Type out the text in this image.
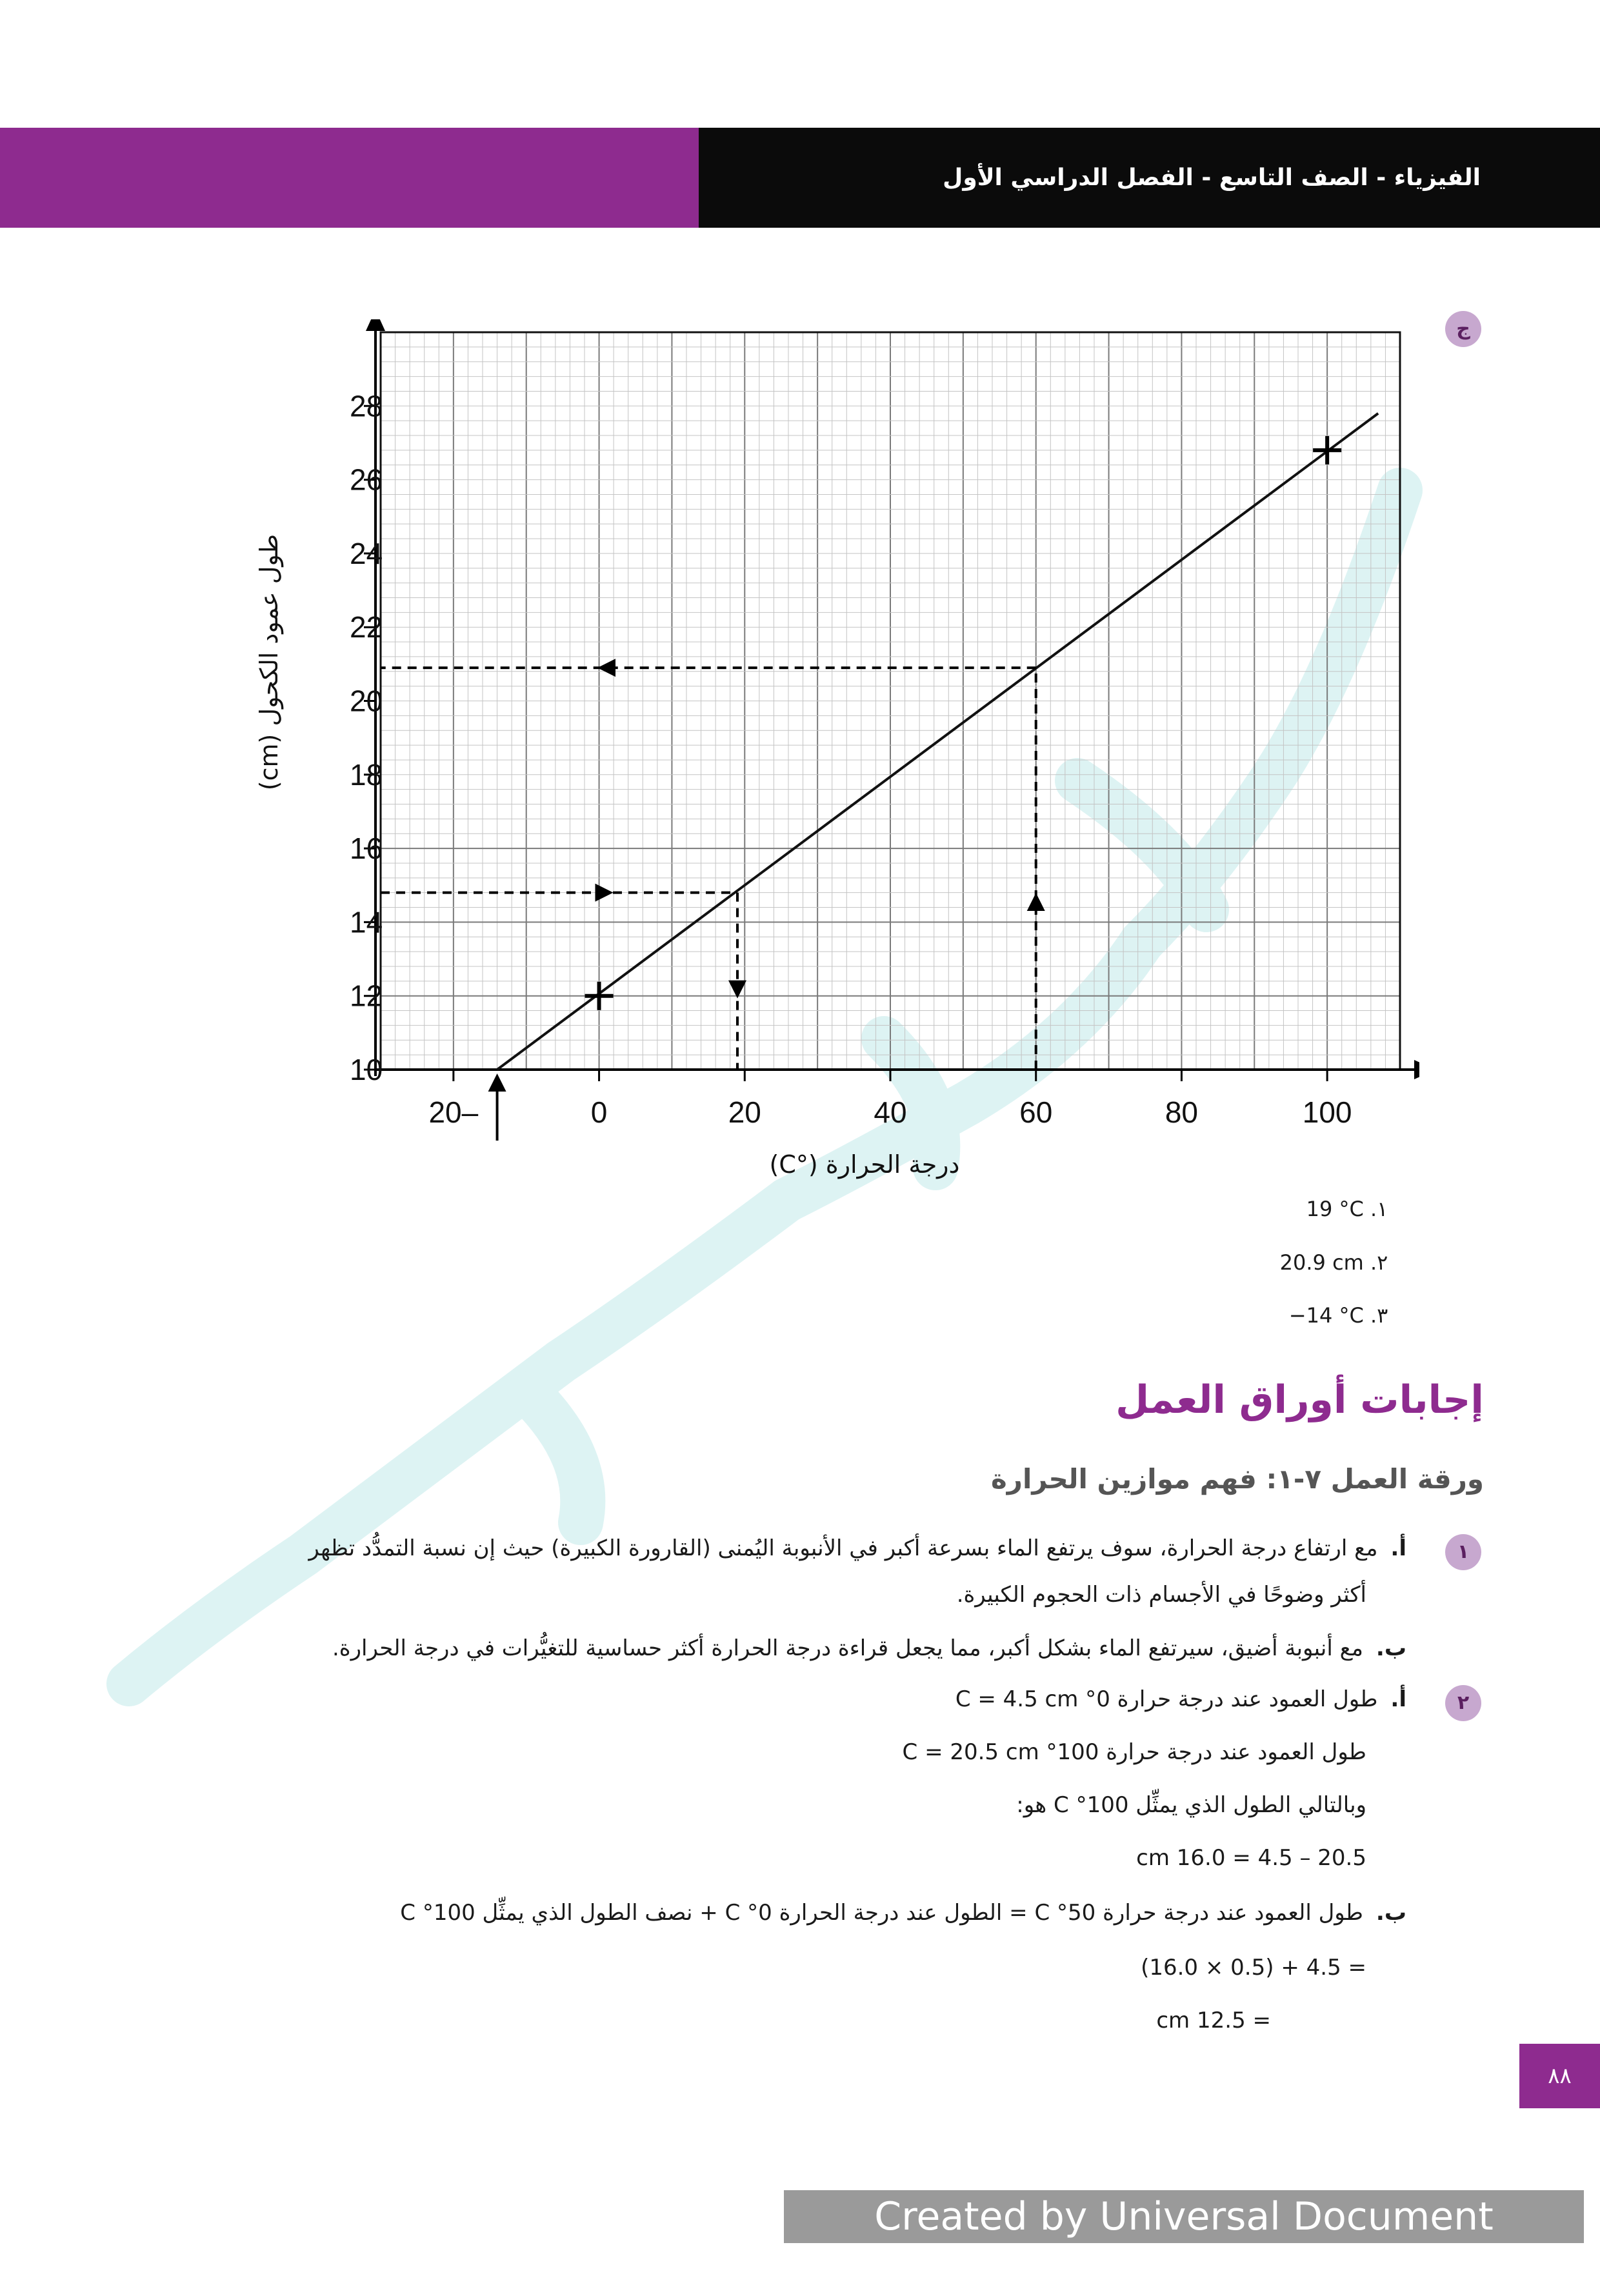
الفيزياء - الصف التاسع - الفصل الدراسي الأول
ج
–20	0	20	40	60	80	100
10
12
14
16
18
20
22
24
26
28
درجة الحرارة (°C)
طول عمود الكحول (cm)
١. 19 °C
٢. 20.9 cm
٣. −14 °C
إجابات أوراق العمل
ورقة العمل ٧-١: فهم موازين الحرارة
١
أ.مع ارتفاع درجة الحرارة، سوف يرتفع الماء بسرعة أكبر في الأنبوبة اليُمنى (القارورة الكبيرة) حيث إن نسبة التمدُّد تظهر
أكثر وضوحًا في الأجسام ذات الحجوم الكبيرة.
ب.مع أنبوبة أضيق، سيرتفع الماء بشكل أكبر، مما يجعل قراءة درجة الحرارة أكثر حساسية للتغيُّرات في درجة الحرارة.
٢
أ.طول العمود عند درجة حرارة 0° C = 4.5 cm
طول العمود عند درجة حرارة 100° C = 20.5 cm
وبالتالي الطول الذي يمثِّل 100° C هو:
20.5 – 4.5 = 16.0 cm
ب.طول العمود عند درجة حرارة 50° C = الطول عند درجة الحرارة 0° C + نصف الطول الذي يمثِّل 100° C
= 4.5 + (0.5 × 16.0)
= 12.5 cm
٨٨
Created by Universal Document Converter
